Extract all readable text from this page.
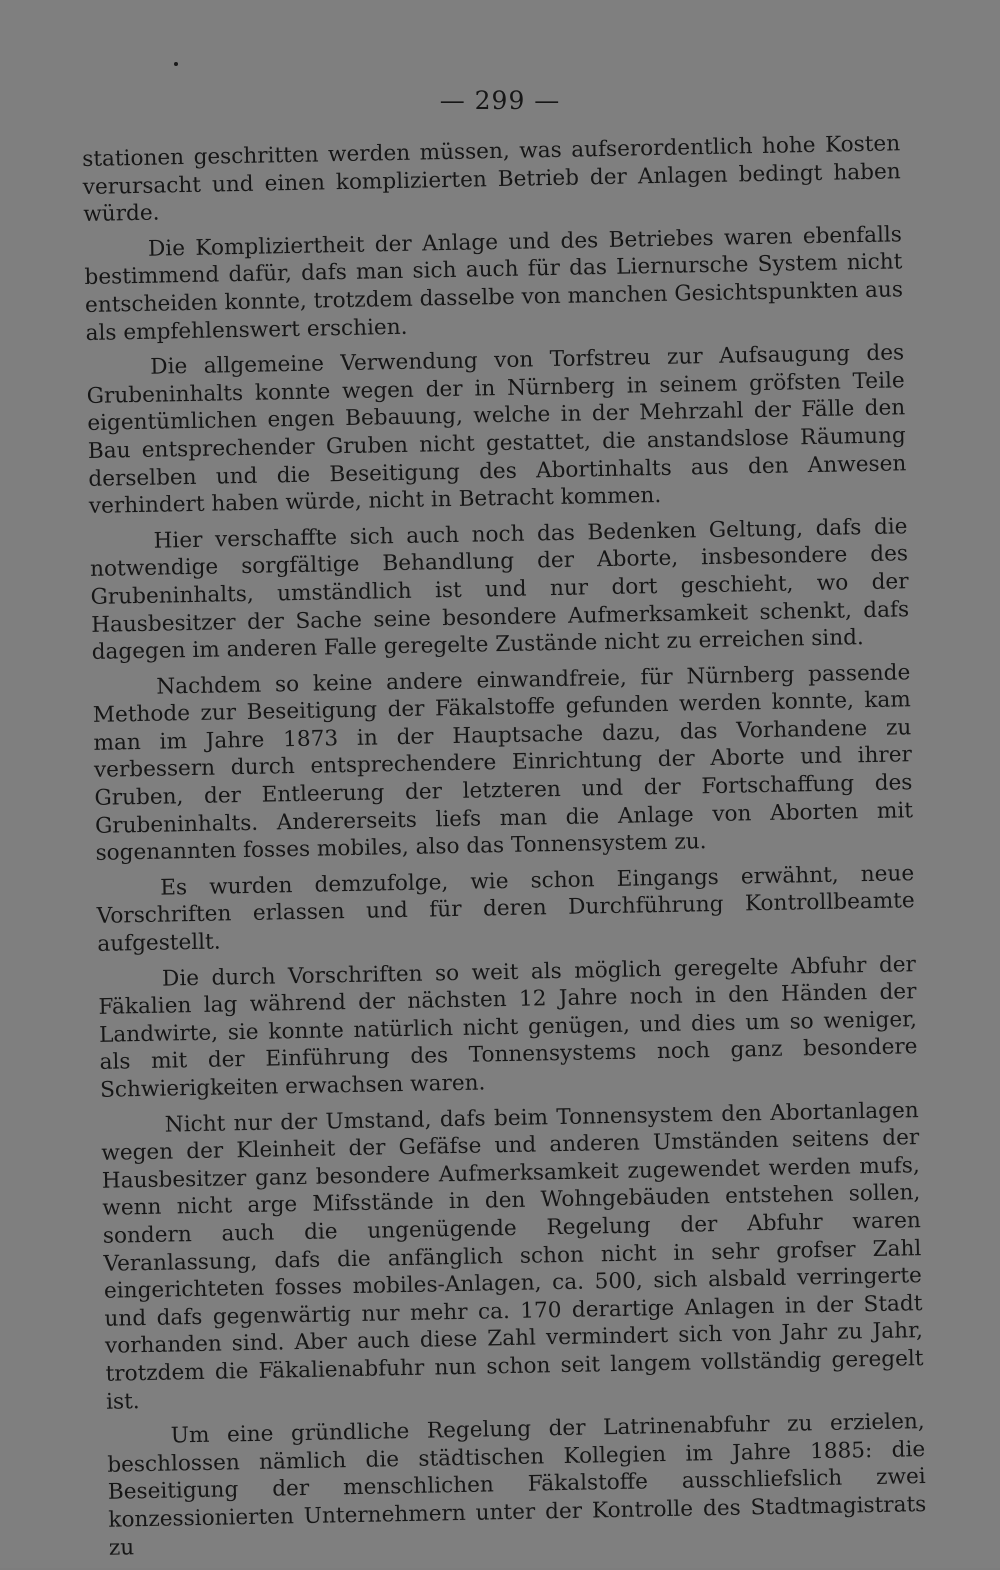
— 299 —

stationen geschritten werden müssen, was aufserordentlich hohe Kosten verursacht und einen komplizierten Betrieb der Anlagen bedingt haben würde.

Die Kompliziertheit der Anlage und des Betriebes waren ebenfalls bestimmend dafür, dafs man sich auch für das Liernursche System nicht entscheiden konnte, trotzdem dasselbe von manchen Gesichtspunkten aus als empfehlenswert erschien.

Die allgemeine Verwendung von Torfstreu zur Aufsaugung des Grubeninhalts konnte wegen der in Nürnberg in seinem gröfsten Teile eigentümlichen engen Bebauung, welche in der Mehrzahl der Fälle den Bau entsprechender Gruben nicht gestattet, die anstandslose Räumung derselben und die Beseitigung des Abortinhalts aus den Anwesen verhindert haben würde, nicht in Betracht kommen.

Hier verschaffte sich auch noch das Bedenken Geltung, dafs die notwendige sorgfältige Behandlung der Aborte, insbesondere des Grubeninhalts, umständlich ist und nur dort geschieht, wo der Hausbesitzer der Sache seine besondere Aufmerksamkeit schenkt, dafs dagegen im anderen Falle geregelte Zustände nicht zu erreichen sind.

Nachdem so keine andere einwandfreie, für Nürnberg passende Methode zur Beseitigung der Fäkalstoffe gefunden werden konnte, kam man im Jahre 1873 in der Hauptsache dazu, das Vorhandene zu verbessern durch entsprechendere Einrichtung der Aborte und ihrer Gruben, der Entleerung der letzteren und der Fortschaffung des Grubeninhalts. Andererseits liefs man die Anlage von Aborten mit sogenannten fosses mobiles, also das Tonnensystem zu.

Es wurden demzufolge, wie schon Eingangs erwähnt, neue Vorschriften erlassen und für deren Durchführung Kontrollbeamte aufgestellt.

Die durch Vorschriften so weit als möglich geregelte Abfuhr der Fäkalien lag während der nächsten 12 Jahre noch in den Händen der Landwirte, sie konnte natürlich nicht genügen, und dies um so weniger, als mit der Einführung des Tonnensystems noch ganz besondere Schwierigkeiten erwachsen waren.

Nicht nur der Umstand, dafs beim Tonnensystem den Abortanlagen wegen der Kleinheit der Gefäfse und anderen Umständen seitens der Hausbesitzer ganz besondere Aufmerksamkeit zugewendet werden mufs, wenn nicht arge Mifsstände in den Wohngebäuden entstehen sollen, sondern auch die ungenügende Regelung der Abfuhr waren Veranlassung, dafs die anfänglich schon nicht in sehr grofser Zahl eingerichteten fosses mobiles-Anlagen, ca. 500, sich alsbald verringerte und dafs gegenwärtig nur mehr ca. 170 derartige Anlagen in der Stadt vorhanden sind. Aber auch diese Zahl vermindert sich von Jahr zu Jahr, trotzdem die Fäkalienabfuhr nun schon seit langem vollständig geregelt ist.

Um eine gründliche Regelung der Latrinenabfuhr zu erzielen, beschlossen nämlich die städtischen Kollegien im Jahre 1885: die Beseitigung der menschlichen Fäkalstoffe ausschliefslich zwei konzessionierten Unternehmern unter der Kontrolle des Stadtmagistrats zu
